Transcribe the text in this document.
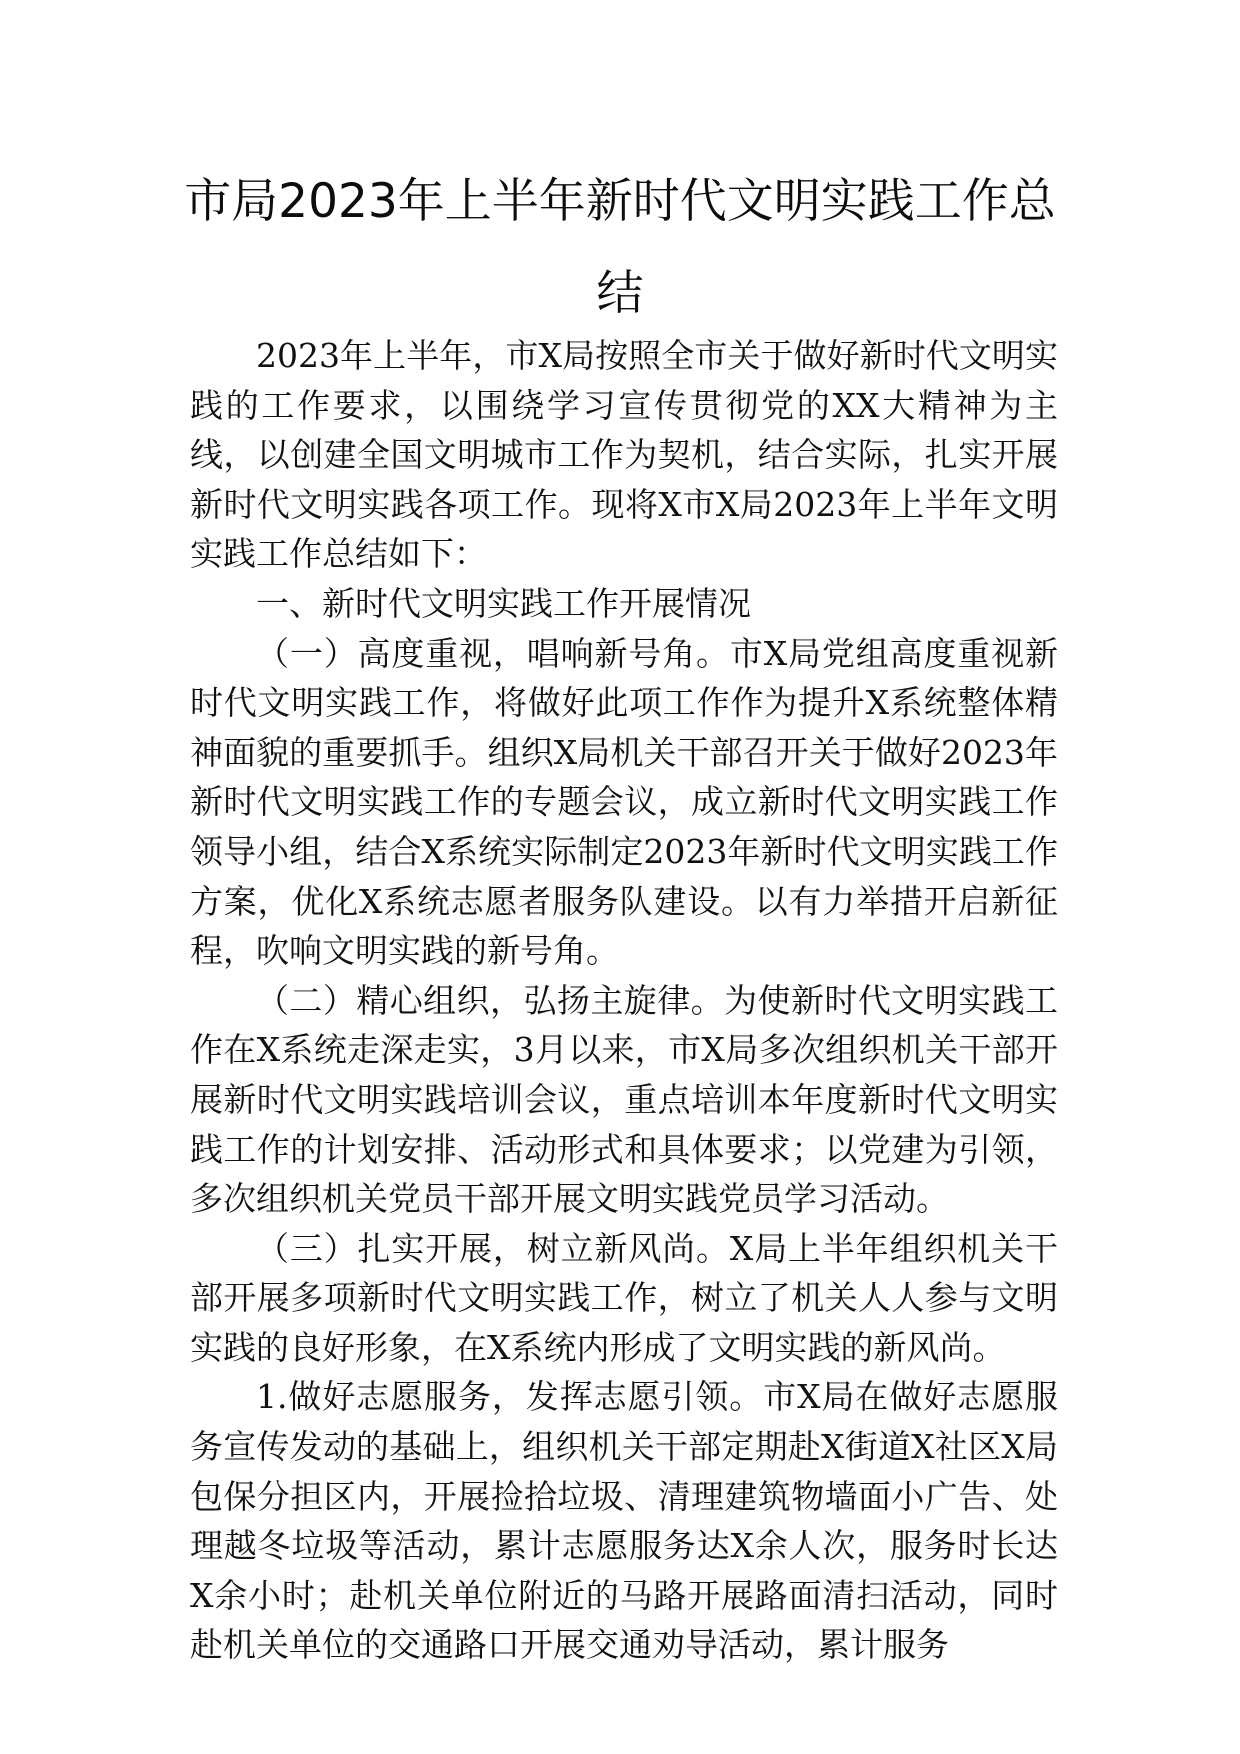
市局2023年上半年新时代文明实践工作总结

2023年上半年，市X局按照全市关于做好新时代文明实践的工作要求，以围绕学习宣传贯彻党的XX大精神为主线，以创建全国文明城市工作为契机，结合实际，扎实开展新时代文明实践各项工作。现将X市X局2023年上半年文明实践工作总结如下：

一、新时代文明实践工作开展情况

（一）高度重视，唱响新号角。市X局党组高度重视新时代文明实践工作，将做好此项工作作为提升X系统整体精神面貌的重要抓手。组织X局机关干部召开关于做好2023年新时代文明实践工作的专题会议，成立新时代文明实践工作领导小组，结合X系统实际制定2023年新时代文明实践工作方案，优化X系统志愿者服务队建设。以有力举措开启新征程，吹响文明实践的新号角。

（二）精心组织，弘扬主旋律。为使新时代文明实践工作在X系统走深走实，3月以来，市X局多次组织机关干部开展新时代文明实践培训会议，重点培训本年度新时代文明实践工作的计划安排、活动形式和具体要求；以党建为引领，多次组织机关党员干部开展文明实践党员学习活动。

（三）扎实开展，树立新风尚。X局上半年组织机关干部开展多项新时代文明实践工作，树立了机关人人参与文明实践的良好形象，在X系统内形成了文明实践的新风尚。

1.做好志愿服务，发挥志愿引领。市X局在做好志愿服务宣传发动的基础上，组织机关干部定期赴X街道X社区X局包保分担区内，开展捡拾垃圾、清理建筑物墙面小广告、处理越冬垃圾等活动，累计志愿服务达X余人次，服务时长达X余小时；赴机关单位附近的马路开展路面清扫活动，同时赴机关单位的交通路口开展交通劝导活动，累计服务
